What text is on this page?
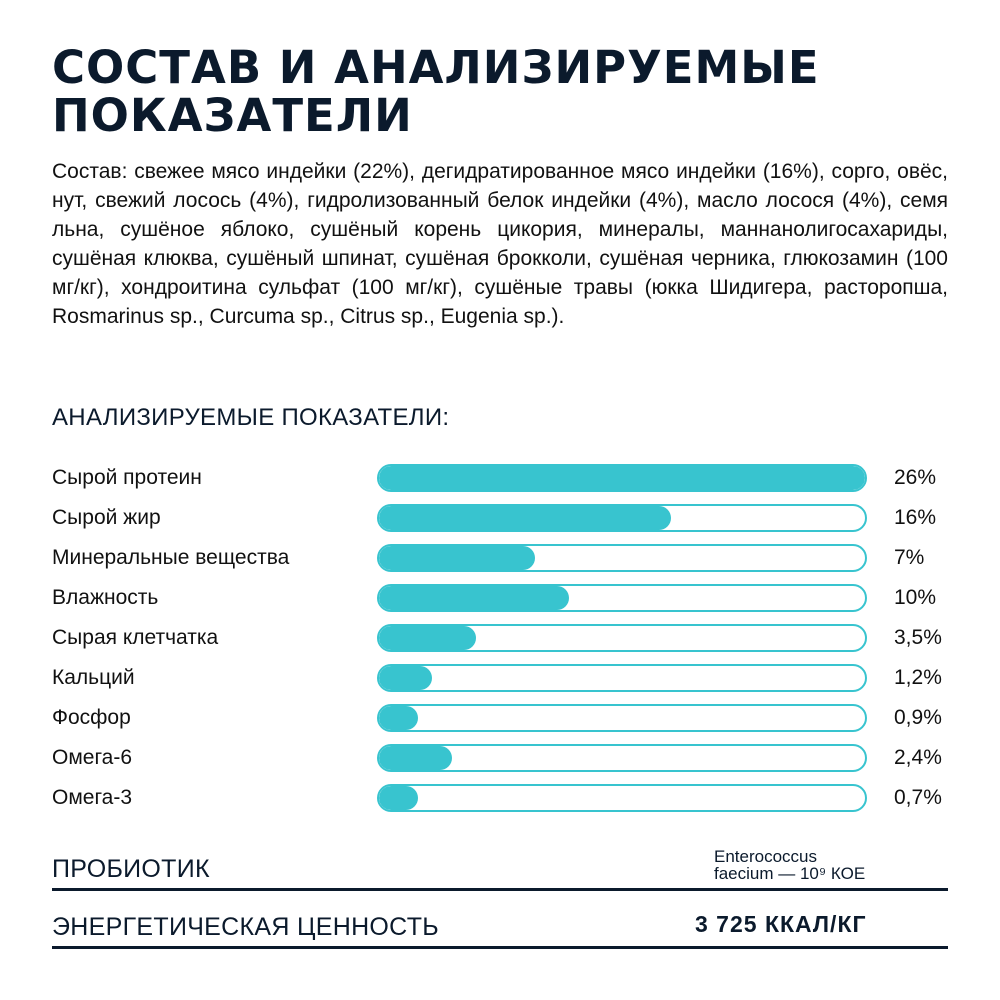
СОСТАВ И АНАЛИЗИРУЕМЫЕ
ПОКАЗАТЕЛИ

Состав: свежее мясо индейки (22%), дегидратированное мясо индейки (16%), сорго, овёс, нут, свежий лосось (4%), гидролизованный белок индейки (4%), масло лосося (4%), семя льна, сушёное яблоко, сушёный корень цикория, минералы, маннанолигосахариды, сушёная клюква, сушёный шпинат, сушёная брокколи, сушёная черника, глюкозамин (100 мг/кг), хондроитина сульфат (100 мг/кг), сушёные травы (юкка Шидигера, расторопша, Rosmarinus sp., Curcuma sp., Citrus sp., Eugenia sp.).

АНАЛИЗИРУЕМЫЕ ПОКАЗАТЕЛИ:
Сырой протеин	26%
Сырой жир	16%
Минеральные вещества	7%
Влажность	10%
Сырая клетчатка	3,5%
Кальций	1,2%
Фосфор	0,9%
Омега-6	2,4%
Омега-3	0,7%
ПРОБИОТИК	Enterococcus
faecium — 10⁹ КОЕ
ЭНЕРГЕТИЧЕСКАЯ ЦЕННОСТЬ	3 725 ККАЛ/КГ
